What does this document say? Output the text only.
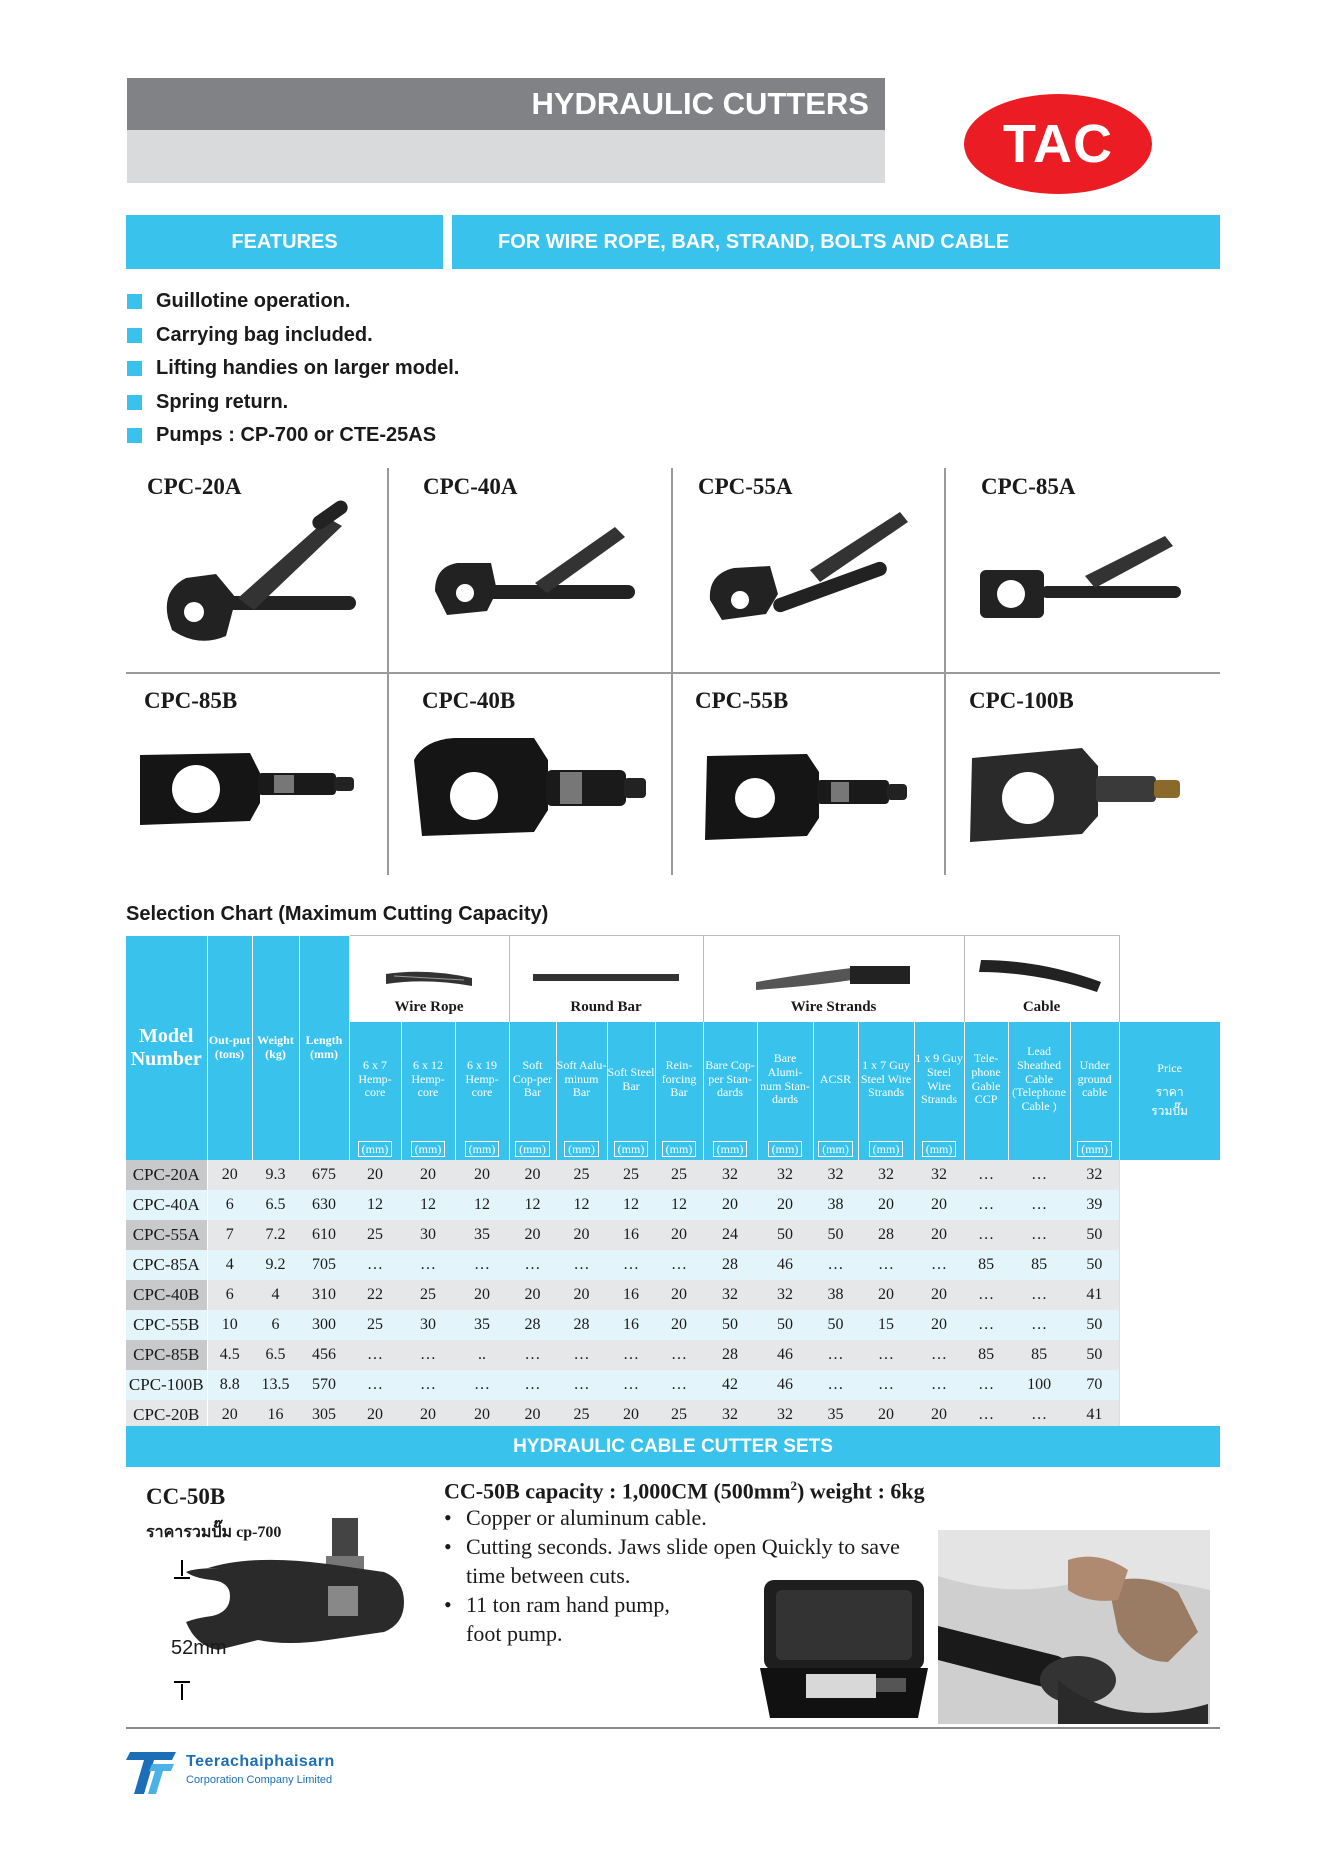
HYDRAULIC CUTTERS
TAC
FEATURES	FOR WIRE ROPE, BAR, STRAND, BOLTS AND CABLE
Guillotine operation.
Carrying bag included.
Lifting handies on larger model.
Spring return.
Pumps : CP-700 or CTE-25AS
CPC-20A	CPC-40A	CPC-55A	CPC-85A
CPC-85B	CPC-40B	CPC-55B	CPC-100B
Selection Chart (Maximum Cutting Capacity)
Model Number	Out-put (tons)	Weight (kg)	Length (mm)	Wire Rope			Round Bar				Wire Strands					Cable			

				6 x 7 Hemp-core	6 x 12 Hemp-core	6 x 19 Hemp-core	Soft Cop-per Bar	Soft Aalu-minum Bar	Soft Steel Bar	Rein-forcing Bar	Bare Cop-per Stan-dards	Bare Alumi-num Stan-dards	ACSR	1 x 7 Guy Steel Wire Strands	1 x 9 Guy Steel Wire Strands	Tele-phone Gable CCP	Lead Sheathed Cable (Telephone Cable )	Under ground cable	Price
ราคา
รวมปั๊ม

				(mm)	(mm)	(mm)	(mm)	(mm)	(mm)	(mm)	(mm)	(mm)	(mm)	(mm)	(mm)			(mm)	
CPC-20A	20	9.3	675	20	20	20	20	25	25	25	32	32	32	32	32	…	…	32	
CPC-40A	6	6.5	630	12	12	12	12	12	12	12	20	20	38	20	20	…	…	39	
CPC-55A	7	7.2	610	25	30	35	20	20	16	20	24	50	50	28	20	…	…	50	
CPC-85A	4	9.2	705	…	…	…	…	…	…	…	28	46	…	…	…	85	85	50	
CPC-40B	6	4	310	22	25	20	20	20	16	20	32	32	38	20	20	…	…	41	
CPC-55B	10	6	300	25	30	35	28	28	16	20	50	50	50	15	20	…	…	50	
CPC-85B	4.5	6.5	456	…	…	..	…	…	…	…	28	46	…	…	…	85	85	50	
CPC-100B	8.8	13.5	570	…	…	…	…	…	…	…	42	46	…	…	…	…	100	70	
CPC-20B	20	16	305	20	20	20	20	25	20	25	32	32	35	20	20	…	…	41	
HYDRAULIC CABLE CUTTER SETS
CC-50B
ราคารวมปั๊ม cp-700
52mm
CC-50B capacity : 1,000CM $(500mm^2)$ weight : 6kg
• Copper or aluminum cable.
• Cutting seconds. Jaws slide open Quickly to save time between cuts.
• 11 ton ram hand pump, foot pump.
Teerachaiphaisarn
Corporation Company Limited
